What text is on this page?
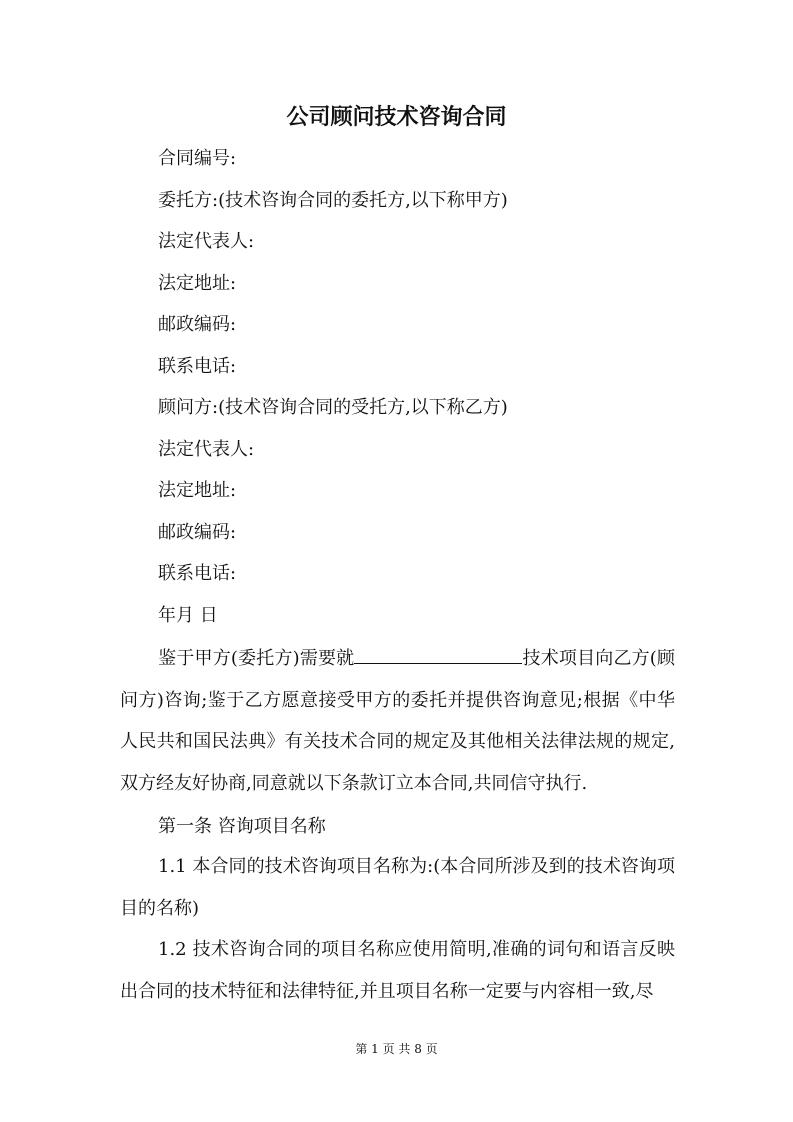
公司顾问技术咨询合同
合同编号:
委托方:(技术咨询合同的委托方,以下称甲方)
法定代表人:
法定地址:
邮政编码:
联系电话:
顾问方:(技术咨询合同的受托方,以下称乙方)
法定代表人:
法定地址:
邮政编码:
联系电话:
年月 日
鉴于甲方(委托方)需要就	技术项目向乙方(顾问方)咨询;鉴于乙方愿意接受甲方的委托并提供咨询意见;根据《中华人民共和国民法典》有关技术合同的规定及其他相关法律法规的规定,双方经友好协商,同意就以下条款订立本合同,共同信守执行.
第一条 咨询项目名称
1.1 本合同的技术咨询项目名称为:(本合同所涉及到的技术咨询项目的名称)
1.2 技术咨询合同的项目名称应使用简明,准确的词句和语言反映出合同的技术特征和法律特征,并且项目名称一定要与内容相一致,尽
第 1 页 共 8 页
